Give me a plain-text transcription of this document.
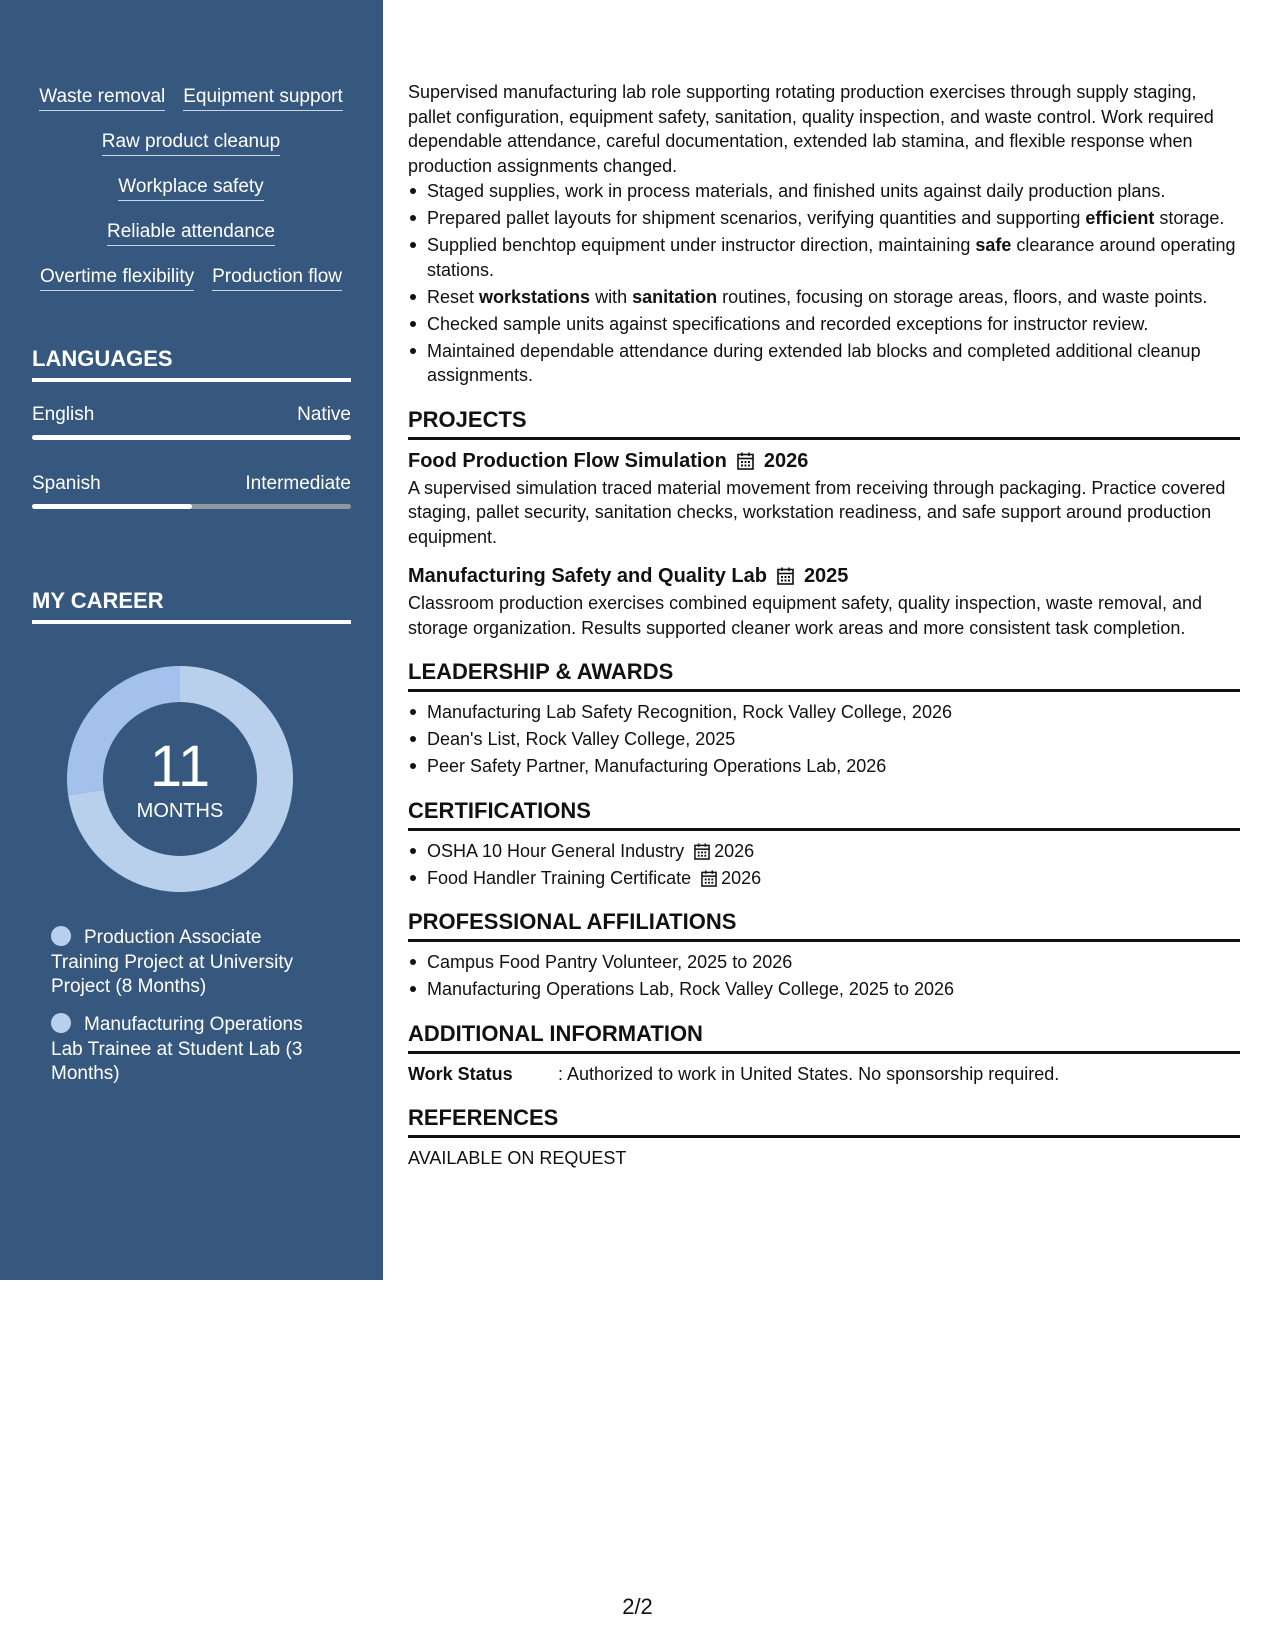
Waste removal Equipment support
Raw product cleanup
Workplace safety
Reliable attendance
Overtime flexibility Production flow
LANGUAGES
English	Native
Spanish	Intermediate
MY CAREER
11
MONTHS
Production Associate Training Project at University Project (8 Months)
Manufacturing Operations Lab Trainee at Student Lab (3 Months)

Supervised manufacturing lab role supporting rotating production exercises through supply staging, pallet configuration, equipment safety, sanitation, quality inspection, and waste control. Work required dependable attendance, careful documentation, extended lab stamina, and flexible response when production assignments changed.

Staged supplies, work in process materials, and finished units against daily production plans.
Prepared pallet layouts for shipment scenarios, verifying quantities and supporting efficient storage.
Supplied benchtop equipment under instructor direction, maintaining safe clearance around operating stations.
Reset workstations with sanitation routines, focusing on storage areas, floors, and waste points.
Checked sample units against specifications and recorded exceptions for instructor review.
Maintained dependable attendance during extended lab blocks and completed additional cleanup assignments.
PROJECTS
Food Production Flow Simulation 2026

A supervised simulation traced material movement from receiving through packaging. Practice covered staging, pallet security, sanitation checks, workstation readiness, and safe support around production equipment.

Manufacturing Safety and Quality Lab 2025

Classroom production exercises combined equipment safety, quality inspection, waste removal, and storage organization. Results supported cleaner work areas and more consistent task completion.

LEADERSHIP & AWARDS
Manufacturing Lab Safety Recognition, Rock Valley College, 2026
Dean's List, Rock Valley College, 2025
Peer Safety Partner, Manufacturing Operations Lab, 2026
CERTIFICATIONS
OSHA 10 Hour General Industry 2026
Food Handler Training Certificate 2026
PROFESSIONAL AFFILIATIONS
Campus Food Pantry Volunteer, 2025 to 2026
Manufacturing Operations Lab, Rock Valley College, 2025 to 2026
ADDITIONAL INFORMATION
Work Status	: Authorized to work in United States. No sponsorship required.
REFERENCES

AVAILABLE ON REQUEST

2/2
